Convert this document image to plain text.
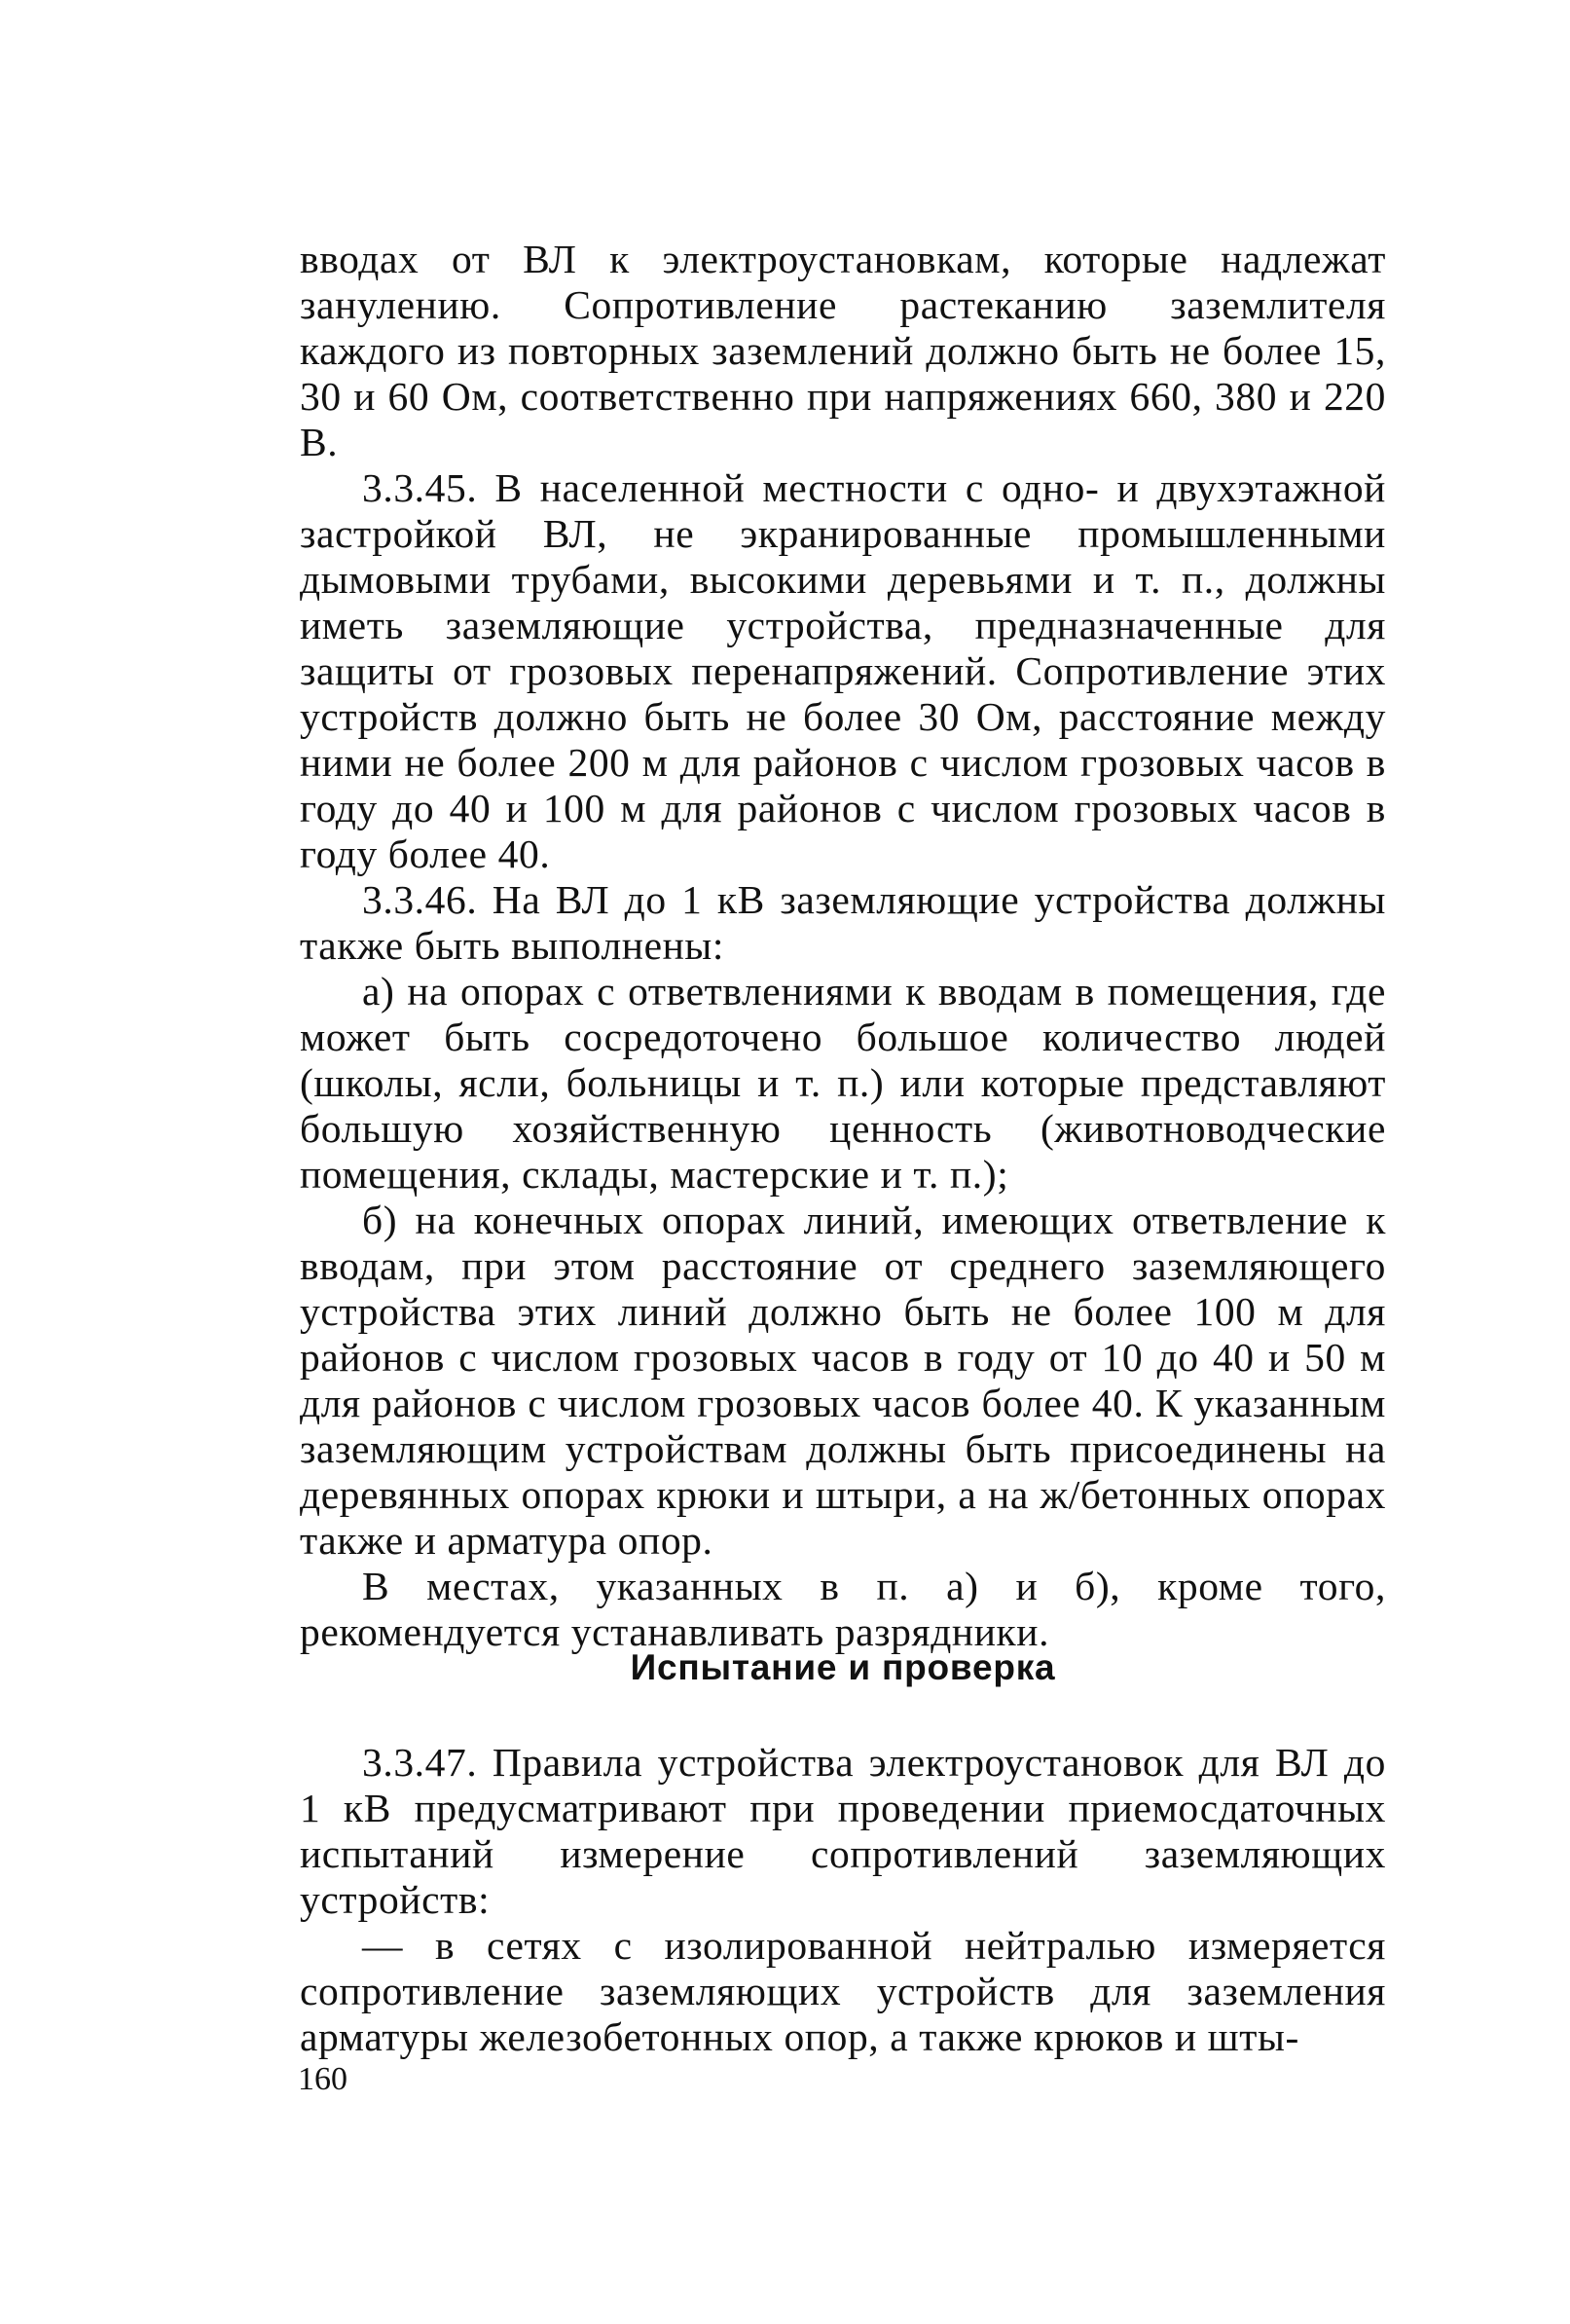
вводах от ВЛ к электроустановкам, которые надлежат занулению. Сопротивление растеканию заземлителя каждого из повторных заземлений должно быть не более 15, 30 и 60 Ом, соответственно при напряжениях 660, 380 и 220 В.

3.3.45. В населенной местности с одно- и двухэтажной застройкой ВЛ, не экранированные промышленными дымовыми трубами, высокими деревьями и т. п., должны иметь заземляющие устройства, предназначенные для защиты от грозовых перенапряжений. Сопротивление этих устройств должно быть не более 30 Ом, расстояние между ними не более 200 м для районов с числом грозовых часов в году до 40 и 100 м для районов с числом грозовых часов в году более 40.

3.3.46. На ВЛ до 1 кВ заземляющие устройства должны также быть выполнены:

а) на опорах с ответвлениями к вводам в помещения, где может быть сосредоточено большое количество людей (школы, ясли, больницы и т. п.) или которые представляют большую хозяйственную ценность (животноводческие помещения, склады, мастерские и т. п.);

б) на конечных опорах линий, имеющих ответвление к вводам, при этом расстояние от среднего заземляющего устройства этих линий должно быть не более 100 м для районов с числом грозовых часов в году от 10 до 40 и 50 м для районов с числом грозовых часов более 40. К указанным заземляющим устройствам должны быть присоединены на деревянных опорах крюки и штыри, а на ж/бетонных опорах также и арматура опор.

В местах, указанных в п. а) и б), кроме того, рекомендуется устанавливать разрядники.

Испытание и проверка

3.3.47. Правила устройства электроустановок для ВЛ до 1 кВ предусматривают при проведении приемосдаточных испытаний измерение сопротивлений заземляющих устройств:

— в сетях с изолированной нейтралью измеряется сопротивление заземляющих устройств для заземления арматуры железобетонных опор, а также крюков и шты-

160
